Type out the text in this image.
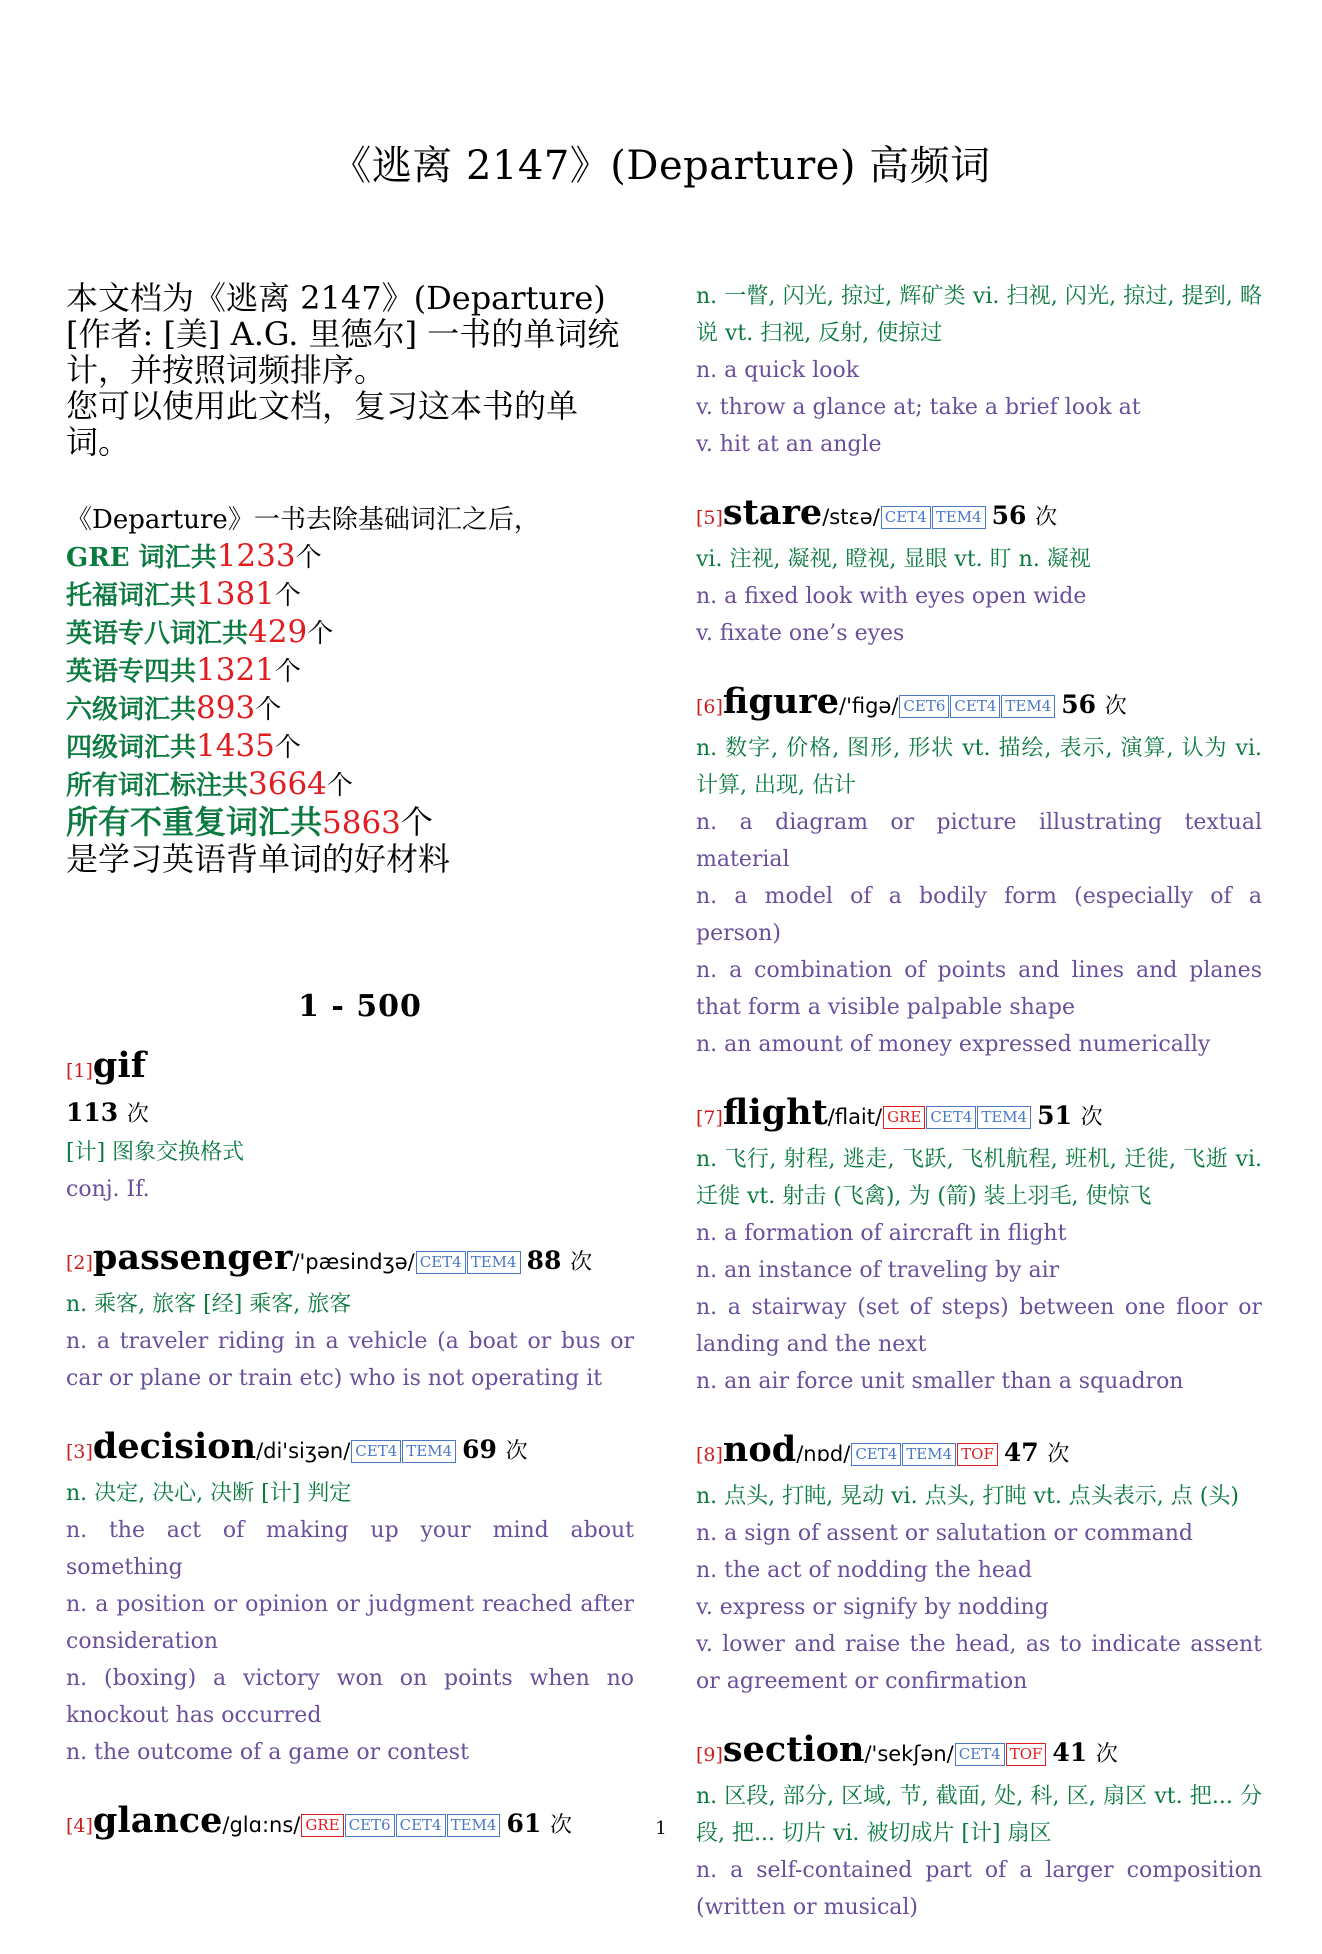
《逃离 2147》(Departure) 高频词
本文档为《逃离 2147》(Departure)[作者: [美] A.G. 里德尔] 一书的单词统计，并按照词频排序。
您可以使用此文档，复习这本书的单词。
《Departure》一书去除基础词汇之后，
GRE 词汇共1233个
托福词汇共1381个
英语专八词汇共429个
英语专四共1321个
六级词汇共893个
四级词汇共1435个
所有词汇标注共3664个
所有不重复词汇共5863个
是学习英语背单词的好材料
1 - 500
[1]gif
113 次
[计] 图象交换格式
conj. If.
[2]passenger/'pæsindʒə/ CET4 TEM4 88 次
n. 乘客, 旅客 [经] 乘客, 旅客
n. a traveler riding in a vehicle (a boat or bus or car or plane or train etc) who is not operating it
[3]decision/di'siʒən/ CET4 TEM4 69 次
n. 决定, 决心, 决断 [计] 判定
n. the act of making up your mind about something
n. a position or opinion or judgment reached after consideration
n. (boxing) a victory won on points when no knockout has occurred
n. the outcome of a game or contest
[4]glance/glɑ:ns/ GRE CET6 CET4 TEM4 61 次
n. 一瞥, 闪光, 掠过, 辉矿类 vi. 扫视, 闪光, 掠过, 提到, 略说 vt. 扫视, 反射, 使掠过
n. a quick look
v. throw a glance at; take a brief look at
v. hit at an angle
[5]stare/stεə/ CET4 TEM4 56 次
vi. 注视, 凝视, 瞪视, 显眼 vt. 盯 n. 凝视
n. a fixed look with eyes open wide
v. fixate one’s eyes
[6]figure/'figə/ CET6 CET4 TEM4 56 次
n. 数字, 价格, 图形, 形状 vt. 描绘, 表示, 演算, 认为 vi. 计算, 出现, 估计
n. a diagram or picture illustrating textual material
n. a model of a bodily form (especially of a person)
n. a combination of points and lines and planes that form a visible palpable shape
n. an amount of money expressed numerically
[7]flight/flait/ GRE CET4 TEM4 51 次
n. 飞行, 射程, 逃走, 飞跃, 飞机航程, 班机, 迁徙, 飞逝 vi. 迁徙 vt. 射击 (飞禽), 为 (箭) 装上羽毛, 使惊飞
n. a formation of aircraft in flight
n. an instance of traveling by air
n. a stairway (set of steps) between one floor or landing and the next
n. an air force unit smaller than a squadron
[8]nod/nɒd/ CET4 TEM4 TOF 47 次
n. 点头, 打盹, 晃动 vi. 点头, 打盹 vt. 点头表示, 点 (头)
n. a sign of assent or salutation or command
n. the act of nodding the head
v. express or signify by nodding
v. lower and raise the head, as to indicate assent or agreement or confirmation
[9]section/'sekʃən/ CET4 TOF 41 次
n. 区段, 部分, 区域, 节, 截面, 处, 科, 区, 扇区 vt. 把... 分段, 把... 切片 vi. 被切成片 [计] 扇区
n. a self-contained part of a larger composition (written or musical)
1
